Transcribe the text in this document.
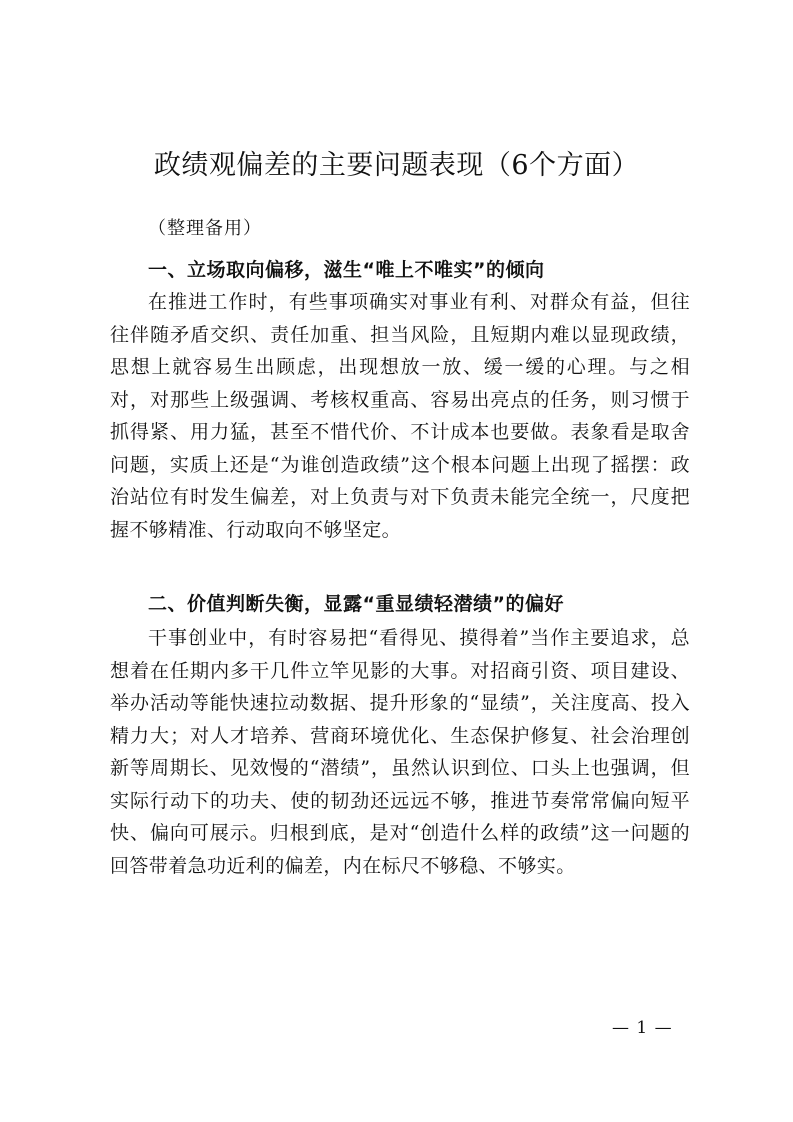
政绩观偏差的主要问题表现（6个方面）
（整理备用）
一、立场取向偏移，滋生“唯上不唯实”的倾向

在推进工作时，有些事项确实对事业有利、对群众有益，但往往伴随矛盾交织、责任加重、担当风险，且短期内难以显现政绩，思想上就容易生出顾虑，出现想放一放、缓一缓的心理。与之相对，对那些上级强调、考核权重高、容易出亮点的任务，则习惯于抓得紧、用力猛，甚至不惜代价、不计成本也要做。表象看是取舍问题，实质上还是“为谁创造政绩”这个根本问题上出现了摇摆：政治站位有时发生偏差，对上负责与对下负责未能完全统一，尺度把握不够精准、行动取向不够坚定。

二、价值判断失衡，显露“重显绩轻潜绩”的偏好

干事创业中，有时容易把“看得见、摸得着”当作主要追求，总想着在任期内多干几件立竿见影的大事。对招商引资、项目建设、举办活动等能快速拉动数据、提升形象的“显绩”，关注度高、投入精力大；对人才培养、营商环境优化、生态保护修复、社会治理创新等周期长、见效慢的“潜绩”，虽然认识到位、口头上也强调，但实际行动下的功夫、使的韧劲还远远不够，推进节奏常常偏向短平快、偏向可展示。归根到底，是对“创造什么样的政绩”这一问题的回答带着急功近利的偏差，内在标尺不够稳、不够实。

— 1 —
